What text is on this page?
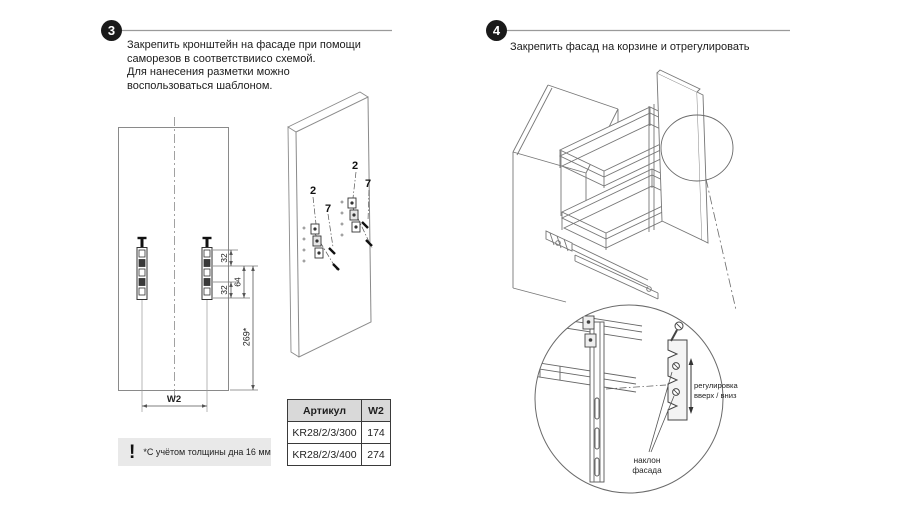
32
32
64
269*
W2
2
7
2
7
регулировка
вверх / вниз
наклон
фасада
3	4
Закрепить кронштейн на фасаде при помощи
саморезов в соответствиисо схемой.
Для нанесения разметки можно
воспользоваться шаблоном.
Закрепить фасад на корзине и отрегулировать
! *С учётом толщины дна 16 мм
Артикул	W2
KR28/2/3/300	174
KR28/2/3/400	274
